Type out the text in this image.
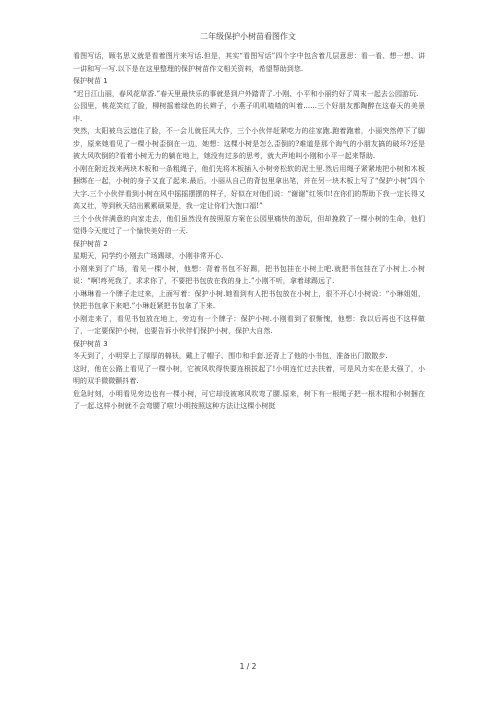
二年级保护小树苗看图作文

看图写话，顾名思义就是看着图片来写话.但是，其实“看图写话”四个字中包含着几层意思：看一看、想一想、讲一讲和写一写.以下是在这里整理的保护树苗作文相关资料，希望帮助到您.

保护树苗 1

“迟日江山丽，春风花草香.”春天里最快乐的事就是到户外踏青了.小刚、小平和小丽约好了周末一起去公园游玩.

公园里，桃花笑红了脸，柳树摇着绿色的长辫子，小燕子叽叽喳喳的叫着......三个好朋友都陶醉在这春天的美景中.

突然，太阳被乌云遮住了脸，不一会儿就狂风大作，三个小伙伴赶紧吃力的往家跑.跑着跑着，小丽突然停下了脚步，原来她看见了一棵小树歪倒在一边，她想：这棵小树是怎么歪倒的?难道是那个淘气的小朋友搞的破坏?还是被大风吹倒的?看着小树无力的躺在地上，她没有过多的思考，就大声地叫小刚和小平一起来帮助.

小刚在附近找来两块木板和一条粗绳子，他们先将木板插入小树旁松软的泥土里.然后用绳子紧紧地把小树和木板捆绑在一起，小树的身子又直了起来.最后，小丽从自己的背包里拿出笔，并在另一块木板上写了“保护小树”四个大字.三个小伙伴看到小树在风中摇摇摆摆的样子，好似在对他们说：“谢谢”红领巾!在你们的帮助下我一定长得又高又壮，等到秋天结出累累硕果是，我一定让你们大饱口福!”

三个小伙伴满意的向家走去，他们虽然没有按照原方案在公园里痛快的游玩，但却挽救了一棵小树的生命，他们觉得今天度过了一个愉快美好的一天.

保护树苗 2

星期天，同学约小刚去广场踢球，小刚非常开心.

小刚来到了广场，看见一棵小树，他想：背着书包不好踢，把书包挂在小树上吧.就把书包挂在了小树上.小树说：“啊!疼死我了，求求你了，不要把书包放在我的身上.”小刚不听，拿着球踢远了.

小琳琳看一个牌子走过来，上面写着：保护小树.她看到有人把书包放在小树上，很不开心!小树说：“小琳姐姐，快把书包拿下来吧.”小琳赶紧把书包拿了下来.

小刚走来了，看见书包放在地上，旁边有一个牌子：保护小树.小刚看到了很惭愧，他想：我以后再也不这样做了，一定要保护小树，也要告诉小伙伴们保护小树，保护大自然.

保护树苗 3

冬天到了，小明穿上了厚厚的棉袄，戴上了帽子、围巾和手套.还背上了他的小书包，准备出门散散步.

这时，他在公路上看见了一棵小树，它被风吹得快要连根拔起了!小明连忙过去扶着，可是风力实在是太强了，小明的双手微微颤抖着.

危急时刻，小明看见旁边也有一棵小树，可它却没被寒风吹弯了腰.原来，树下有一根绳子把一根木棍和小树捆在了一起.这样小树就不会弯腰了啦!小明按照这种方法让这棵小树挺

1 / 2
